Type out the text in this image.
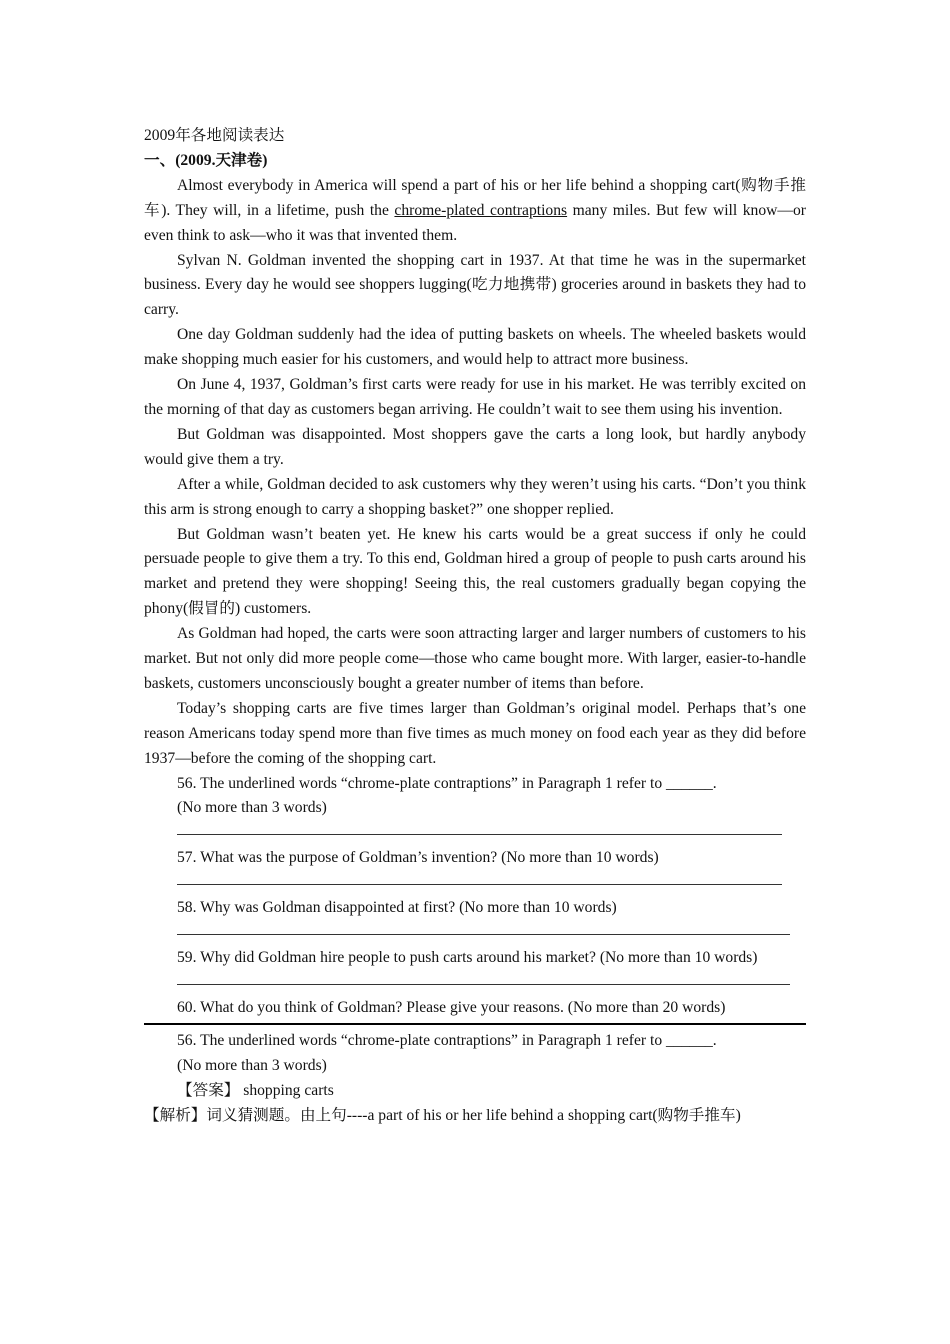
2009年各地阅读表达

一、(2009.天津卷)

Almost everybody in America will spend a part of his or her life behind a shopping cart(购物手推车). They will, in a lifetime, push the chrome-plated contraptions many miles. But few will know—or even think to ask—who it was that invented them.

Sylvan N. Goldman invented the shopping cart in 1937. At that time he was in the supermarket business. Every day he would see shoppers lugging(吃力地携带) groceries around in baskets they had to carry.

One day Goldman suddenly had the idea of putting baskets on wheels. The wheeled baskets would make shopping much easier for his customers, and would help to attract more business.

On June 4, 1937, Goldman’s first carts were ready for use in his market. He was terribly excited on the morning of that day as customers began arriving. He couldn’t wait to see them using his invention.

But Goldman was disappointed. Most shoppers gave the carts a long look, but hardly anybody would give them a try.

After a while, Goldman decided to ask customers why they weren’t using his carts. “Don’t you think this arm is strong enough to carry a shopping basket?” one shopper replied.

But Goldman wasn’t beaten yet. He knew his carts would be a great success if only he could persuade people to give them a try. To this end, Goldman hired a group of people to push carts around his market and pretend they were shopping! Seeing this, the real customers gradually began copying the phony(假冒的) customers.

As Goldman had hoped, the carts were soon attracting larger and larger numbers of customers to his market. But not only did more people come—those who came bought more. With larger, easier-to-handle baskets, customers unconsciously bought a greater number of items than before.

Today’s shopping carts are five times larger than Goldman’s original model. Perhaps that’s one reason Americans today spend more than five times as much money on food each year as they did before 1937—before the coming of the shopping cart.

56. The underlined words “chrome-plate contraptions” in Paragraph 1 refer to ______.

(No more than 3 words)

57. What was the purpose of Goldman’s invention? (No more than 10 words)

58. Why was Goldman disappointed at first? (No more than 10 words)

59. Why did Goldman hire people to push carts around his market? (No more than 10 words)

60. What do you think of Goldman? Please give your reasons. (No more than 20 words)

56. The underlined words “chrome-plate contraptions” in Paragraph 1 refer to ______.

(No more than 3 words)

【答案】 shopping carts

【解析】词义猜测题。由上句----a part of his or her life behind a shopping cart(购物手推车)
